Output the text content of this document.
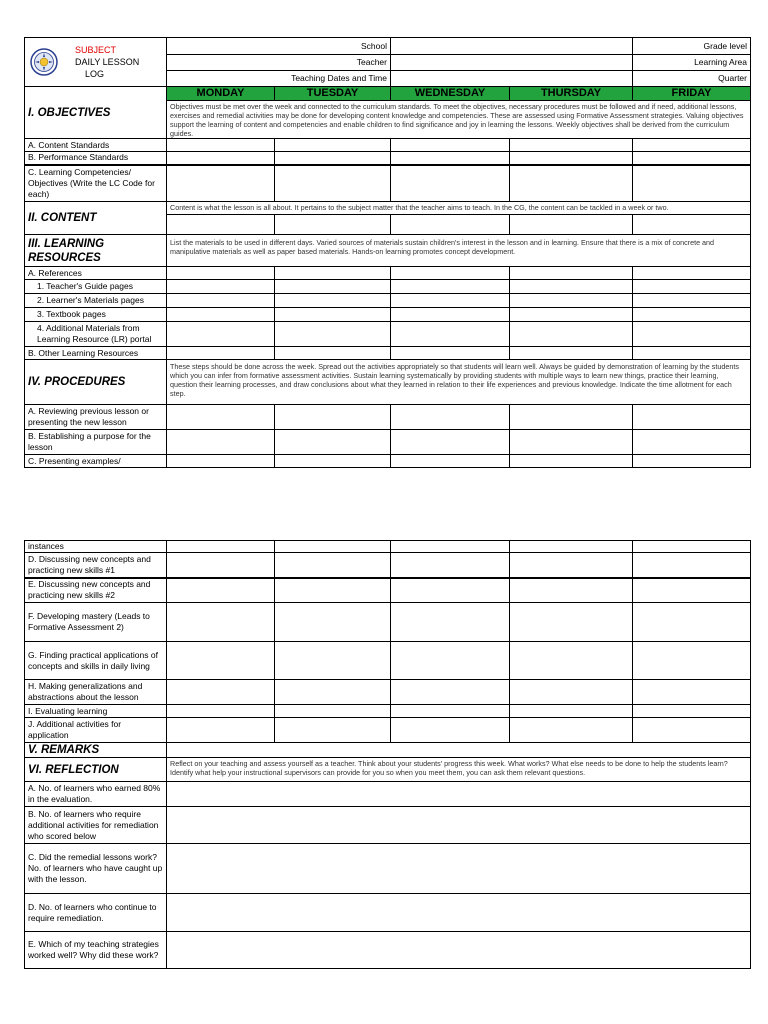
SUBJECT
DAILY LESSON
LOG	School				Grade level
	Teacher				Learning Area
	Teaching Dates and Time				Quarter
I. OBJECTIVES	MONDAY	TUESDAY	WEDNESDAY	THURSDAY	FRIDAY
	Objectives must be met over the week and connected to the curriculum standards. To meet the objectives, necessary procedures must be followed and if need, additional lessons, exercises and remedial activities may be done for developing content knowledge and competencies. These are assessed using Formative Assessment strategies. Valuing objectives support the learning of content and competencies and enable children to find significance and joy in learning the lessons. Weekly objectives shall be derived from the curriculum guides.				
A. Content Standards					
B. Performance Standards					
C. Learning Competencies/ Objectives (Write the LC Code for each)					
II. CONTENT	Content is what the lesson is all about. It pertains to the subject matter that the teacher aims to teach. In the CG, the content can be tackled in a week or two.				

III. LEARNING RESOURCES	List the materials to be used in different days. Varied sources of materials sustain children's interest in the lesson and in learning. Ensure that there is a mix of concrete and manipulative materials as well as paper based materials. Hands-on learning promotes concept development.				
A. References					
1. Teacher's Guide pages					
2. Learner's Materials pages					
3. Textbook pages					
4. Additional Materials from Learning Resource (LR) portal					
B. Other Learning Resources					
IV. PROCEDURES	These steps should be done across the week. Spread out the activities appropriately so that students will learn well. Always be guided by demonstration of learning by the students which you can infer from formative assessment activities. Sustain learning systematically by providing students with multiple ways to learn new things, practice their learning, question their learning processes, and draw conclusions about what they learned in relation to their life experiences and previous knowledge. Indicate the time allotment for each step.				
A. Reviewing previous lesson or presenting the new lesson					
B. Establishing a purpose for the lesson					
C. Presenting examples/					
instances					
D. Discussing new concepts and practicing new skills #1					
E. Discussing new concepts and practicing new skills #2					
F. Developing mastery (Leads to Formative Assessment 2)					
G. Finding practical applications of concepts and skills in daily living					
H. Making generalizations and abstractions about the lesson					
I. Evaluating learning					
J. Additional activities for application					
V. REMARKS					
VI. REFLECTION	Reflect on your teaching and assess yourself as a teacher. Think about your students' progress this week. What works? What else needs to be done to help the students learn? Identify what help your instructional supervisors can provide for you so when you meet them, you can ask them relevant questions.				
A. No. of learners who earned 80% in the evaluation.					
B. No. of learners who require additional activities for remediation who scored below					
C. Did the remedial lessons work? No. of learners who have caught up with the lesson.					
D. No. of learners who continue to require remediation.					
E. Which of my teaching strategies worked well? Why did these work?					
